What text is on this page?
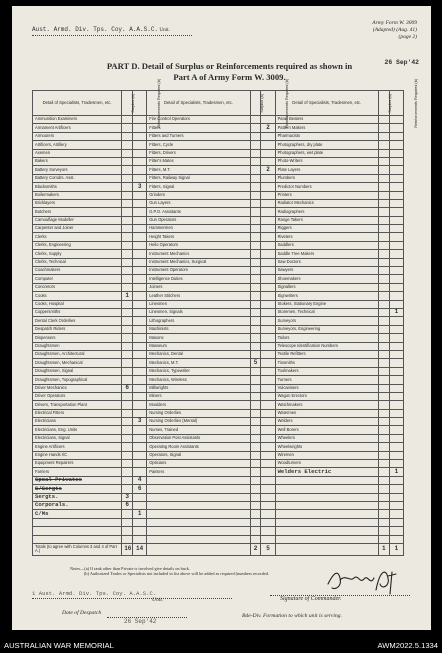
Aust. Armd. Div. Tps. Coy. A.A.S.C. Unit.
Army Form W. 3009
(Adapted) (Aug. 41)
(page 2)
PART D. Detail of Surplus or Reinforcements required as shown in
Part A of Army Form W. 3009.
26 Sep'42
Detail of Specialists, Tradesmen, etc.	Surplus (a)	Reinforcements Required (b)	Detail of Specialists, Tradesmen, etc.	Surplus (a)	Reinforcements Required (b)	Detail of Specialists, Tradesmen, etc.	Surplus (a)	Reinforcements Required (b)
Ammunition Examiners			Fire Control Operators			Panel Beaters		
Armament Artificers			Fitters		2	Pattern Makers		
Armourers			Fitters and Turners			Pharmacists		
Artificers, Artillery			Fitters, Cycle			Photographers, dry plate		
Axemen			Fitters, Drivers			Photographers, wet plate		
Bakers			Fitter's Mates			Photo-Writers		
Battery Surveyors			Fitters, M.T.		2	Plate Layers		
Battery Comdrs. Asst.			Fitters, Railway Signal			Plumbers		
Blacksmiths		3	Fitters, Signal			Predictor Numbers		
Boilermakers			Grinders			Printers		
Bricklayers			Gun Layers			Radiator Mechanics		
Butchers			G.P.O. Assistants			Radiographers		
Camouflage Modeller			Gun Operators			Range Takers		
Carpenter and Joiner			Hammermen			Riggers		
Clerks			Height Takers			Riveters		
Clerks, Engineering			Helio Operators			Saddlers		
Clerks, Supply			Instrument Mechanics			Saddle Tree Makers		
Clerks, Technical			Instrument Mechanics, Surgical			Saw Doctors		
Coachmakers			Instrument Operators			Sawyers		
Computer			Intelligence Duties			Shoemakers		
Concretors			Joiners			Signallers		
Cooks	1		Leather Stitchers			Signwriters		
Cooks, Hospital			Linesmen			Stokers, Stationary Engine		
Coppersmiths			Linesmen, Signals			Storemen, Technical		1
Dental Clerk Orderlies			Lithographers			Surveyors		
Despatch Riders			Machinists			Surveyors, Engineering		
Dispensers			Masons			Tailors		
Draughtsmen			Masseurs			Telescope Identification Numbers		
Draughtsmen, Architectural			Mechanics, Dental			Textile Refitters		
Draughtsmen, Mechanical			Mechanics, M.T.	5		Tinsmiths		
Draughtsmen, Signal			Mechanics, Typewriter			Toolmakers		
Draughtsmen, Topographical			Mechanics, Wireless			Turners		
Driver Mechanics	6		Millwrights			Vulcanisers		
Driver Operators			Miners			Wagon Erectors		
Drivers, Transportation Plant			Moulders			Watchmakers		
Electrical Fitters			Nursing Orderlies			Watermen		
Electricians		3	Nursing Orderlies (Mental)			Welders		
Electricians, Eng. Units			Nurses, Trained			Well Borers		
Electricians, Signal			Observation Post Assistants			Wheelers		
Engine Artificers			Operating Room Assistants			Wheelwrights		
Engine Hands I/C			Operators, Signal			Wiremen		
Equipment Repairers			Opticians			Woodturners		
Farriers			Painters			Welders Electric		1
Cpoal Privates		4						
S/Sergts		6						
Sergts.	3							
Corporals.	6							
C/Ms		1						

Totals (to agree with Columns 3 and 4 of Part A.)	16	14		2	5		1	1
Notes—(a) If rank other than Private is involved give details on back.
(b) Authorized Trades or Specialists not included in list above will be added as required (numbers recorded.
1 Aust. Armd. Div. Tps. Coy. A.A.S.C.
Unit.	Signature of Commander.
Date of Despatch
26 Sep'42
Bde-Div. Formation to which unit is serving.
AUSTRALIAN WAR MEMORIAL	AWM2022.5.1334
